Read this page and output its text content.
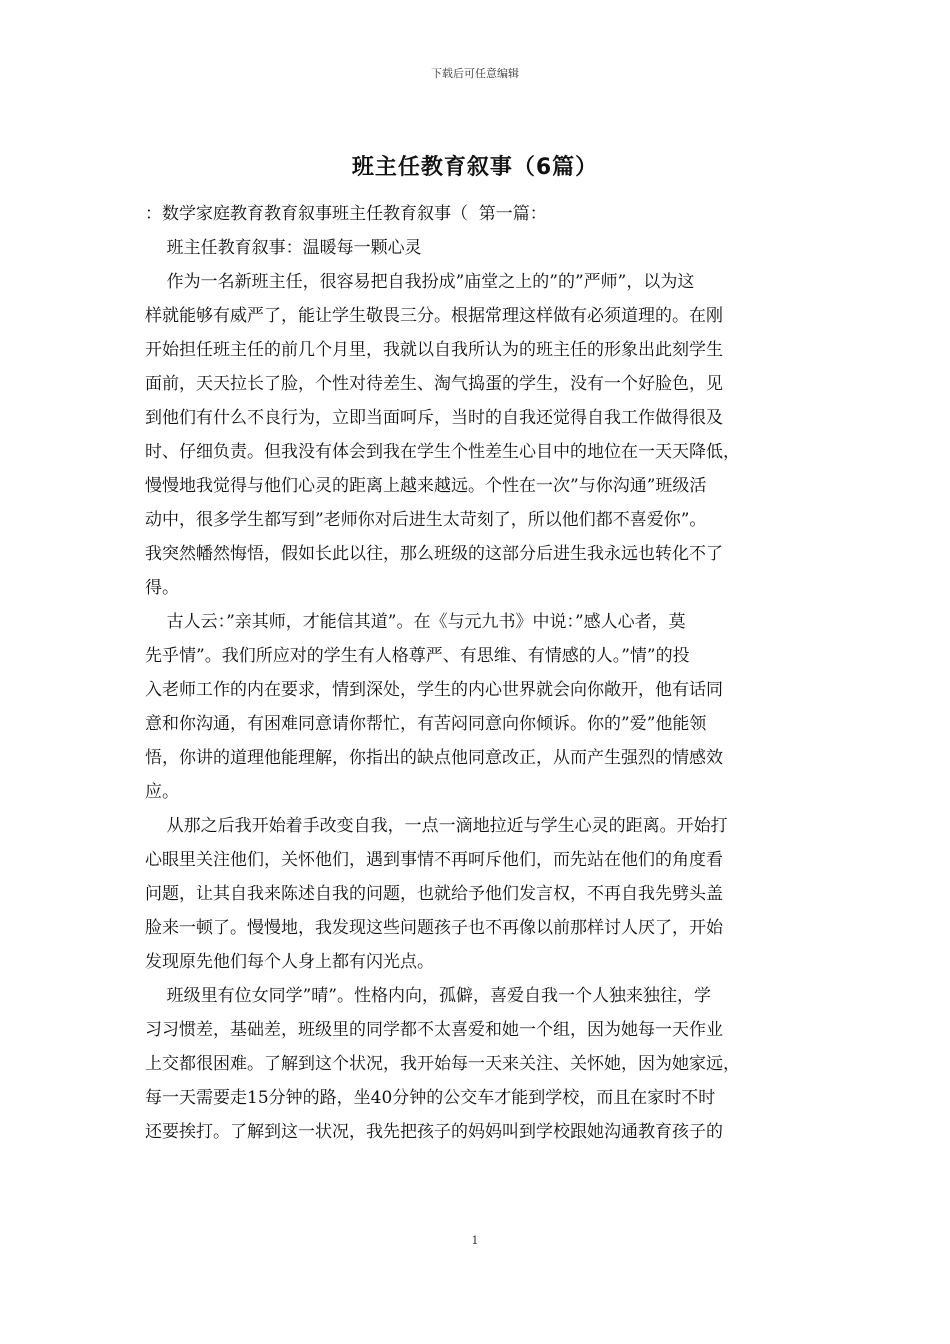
下载后可任意编辑
班主任教育叙事（6篇）
：数学家庭教育教育叙事班主任教育叙事（  第一篇：
班主任教育叙事：温暖每一颗心灵
作为一名新班主任，很容易把自我扮成”庙堂之上的”的”严师”，以为这
样就能够有威严了，能让学生敬畏三分。根据常理这样做有必须道理的。在刚
开始担任班主任的前几个月里，我就以自我所认为的班主任的形象出此刻学生
面前，天天拉长了脸，个性对待差生、淘气捣蛋的学生，没有一个好脸色，见
到他们有什么不良行为，立即当面呵斥，当时的自我还觉得自我工作做得很及
时、仔细负责。但我没有体会到我在学生个性差生心目中的地位在一天天降低，
慢慢地我觉得与他们心灵的距离上越来越远。个性在一次”与你沟通”班级活
动中，很多学生都写到”老师你对后进生太苛刻了，所以他们都不喜爱你”。
我突然幡然悔悟，假如长此以往，那么班级的这部分后进生我永远也转化不了
得。
古人云：”亲其师，才能信其道”。在《与元九书》中说：”感人心者，莫
先乎情”。我们所应对的学生有人格尊严、有思维、有情感的人。”情”的投
入老师工作的内在要求，情到深处，学生的内心世界就会向你敞开，他有话同
意和你沟通，有困难同意请你帮忙，有苦闷同意向你倾诉。你的”爱”他能领
悟，你讲的道理他能理解，你指出的缺点他同意改正，从而产生强烈的情感效
应。
从那之后我开始着手改变自我，一点一滴地拉近与学生心灵的距离。开始打
心眼里关注他们，关怀他们，遇到事情不再呵斥他们，而先站在他们的角度看
问题，让其自我来陈述自我的问题，也就给予他们发言权，不再自我先劈头盖
脸来一顿了。慢慢地，我发现这些问题孩子也不再像以前那样讨人厌了，开始
发现原先他们每个人身上都有闪光点。
班级里有位女同学”晴”。性格内向，孤僻，喜爱自我一个人独来独往，学
习习惯差，基础差，班级里的同学都不太喜爱和她一个组，因为她每一天作业
上交都很困难。了解到这个状况，我开始每一天来关注、关怀她，因为她家远，
每一天需要走15分钟的路，坐40分钟的公交车才能到学校，而且在家时不时
还要挨打。了解到这一状况，我先把孩子的妈妈叫到学校跟她沟通教育孩子的
1
